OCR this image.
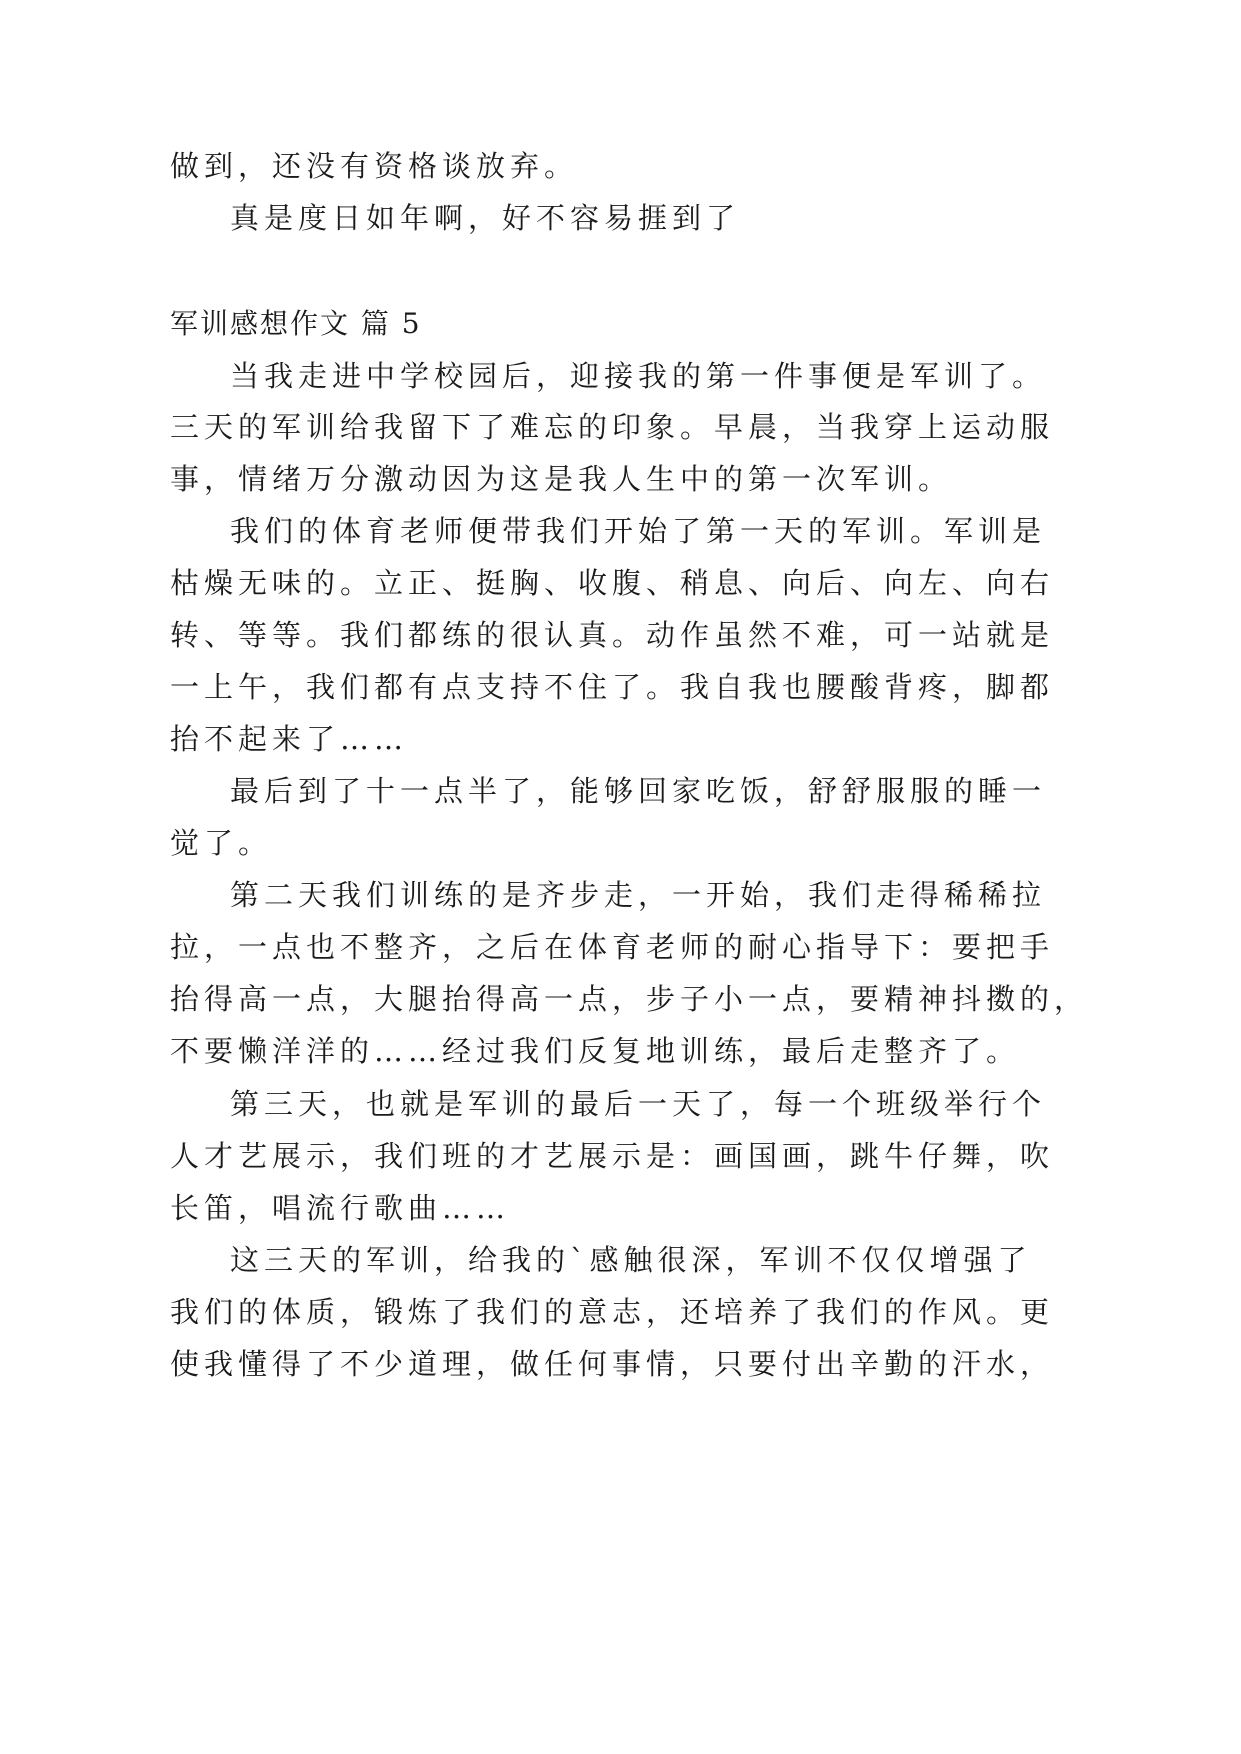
做到，还没有资格谈放弃。
真是度日如年啊，好不容易捱到了
军训感想作文 篇 5
当我走进中学校园后，迎接我的第一件事便是军训了。
三天的军训给我留下了难忘的印象。早晨，当我穿上运动服
事，情绪万分激动因为这是我人生中的第一次军训。
我们的体育老师便带我们开始了第一天的军训。军训是
枯燥无味的。立正、挺胸、收腹、稍息、向后、向左、向右
转、等等。我们都练的很认真。动作虽然不难，可一站就是
一上午，我们都有点支持不住了。我自我也腰酸背疼，脚都
抬不起来了……
最后到了十一点半了，能够回家吃饭，舒舒服服的睡一
觉了。
第二天我们训练的是齐步走，一开始，我们走得稀稀拉
拉，一点也不整齐，之后在体育老师的耐心指导下：要把手
抬得高一点，大腿抬得高一点，步子小一点，要精神抖擞的，
不要懒洋洋的……经过我们反复地训练，最后走整齐了。
第三天，也就是军训的最后一天了，每一个班级举行个
人才艺展示，我们班的才艺展示是：画国画，跳牛仔舞，吹
长笛，唱流行歌曲……
这三天的军训，给我的`感触很深，军训不仅仅增强了
我们的体质，锻炼了我们的意志，还培养了我们的作风。更
使我懂得了不少道理，做任何事情，只要付出辛勤的汗水，
